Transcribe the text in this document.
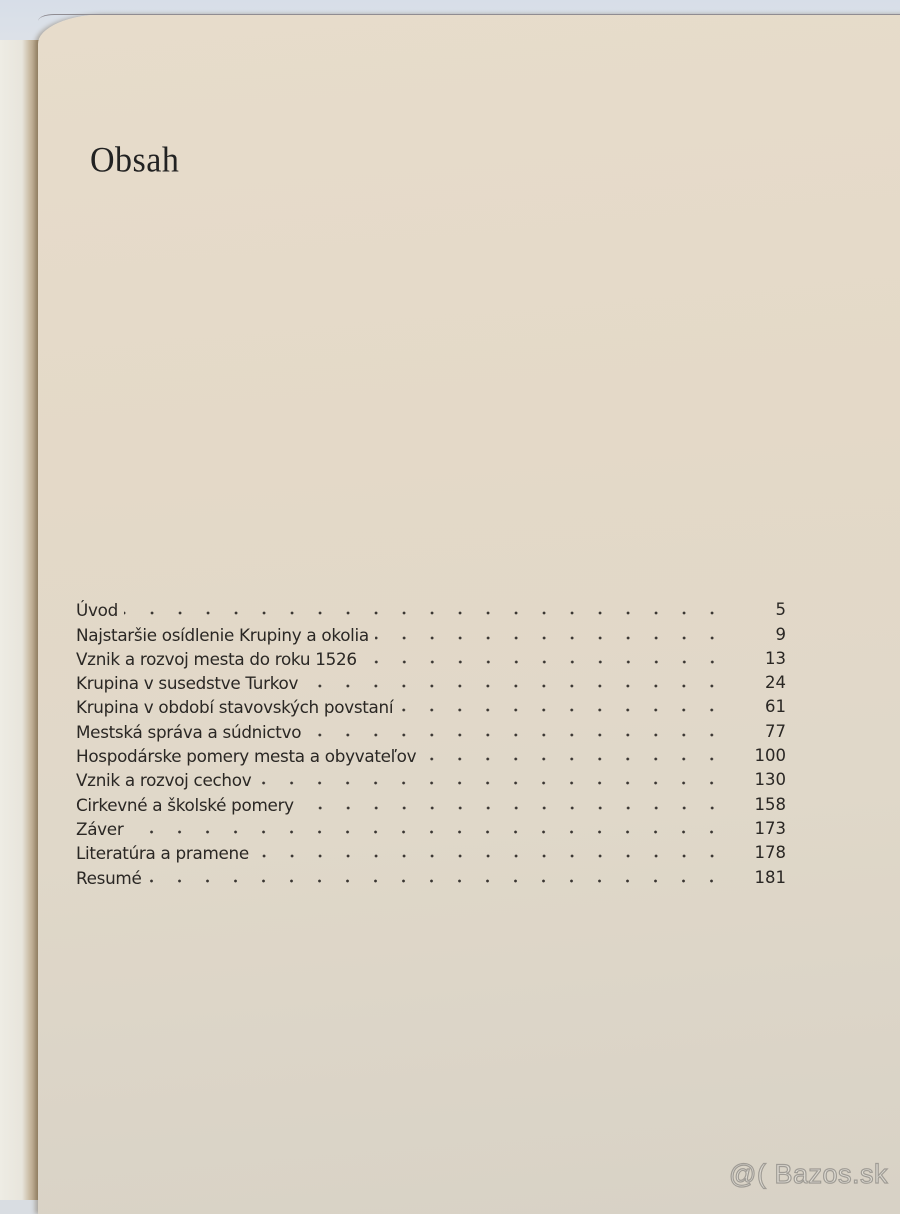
Obsah
Úvod	5
Najstaršie osídlenie Krupiny a okolia	9
Vznik a rozvoj mesta do roku 1526	13
Krupina v susedstve Turkov	24
Krupina v období stavovských povstaní	61
Mestská správa a súdnictvo	77
Hospodárske pomery mesta a obyvateľov	100
Vznik a rozvoj cechov	130
Cirkevné a školské pomery	158
Záver	173
Literatúra a pramene	178
Resumé	181
@( Bazos.sk
